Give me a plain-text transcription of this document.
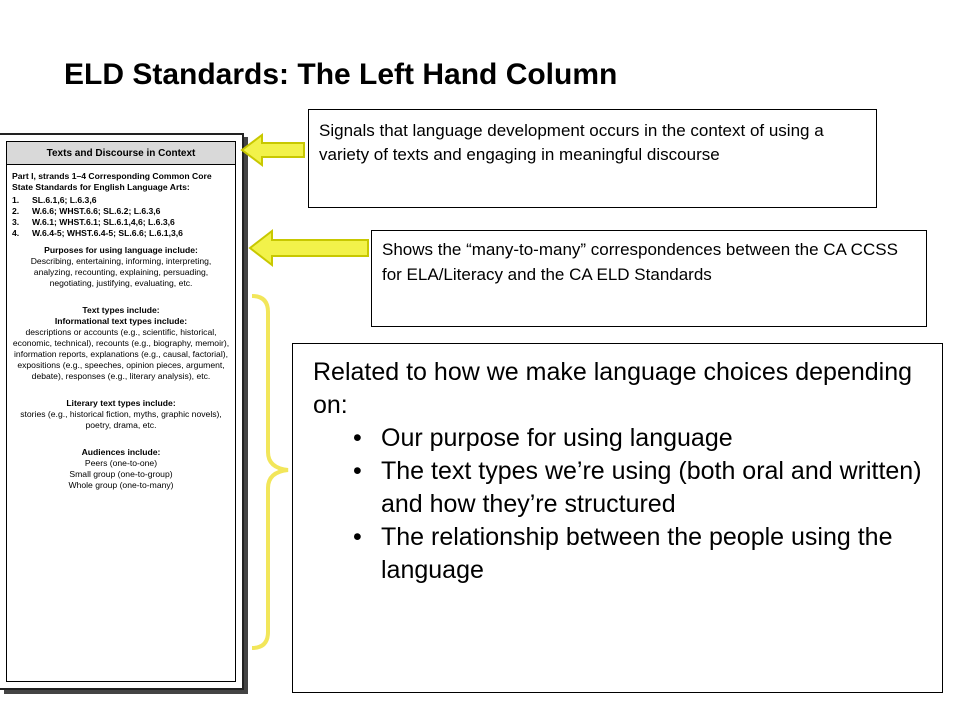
ELD Standards: The Left Hand Column
Texts and Discourse in Context
Part I, strands 1–4 Corresponding Common Core State Standards for English Language Arts:
1.	SL.6.1,6; L.6.3,6
2.	W.6.6; WHST.6.6; SL.6.2; L.6.3,6
3.	W.6.1; WHST.6.1; SL.6.1,4,6; L.6.3,6
4.	W.6.4-5; WHST.6.4-5; SL.6.6; L.6.1,3,6
Purposes for using language include:
Describing, entertaining, informing, interpreting, analyzing, recounting, explaining, persuading, negotiating, justifying, evaluating, etc.
Text types include:
Informational text types include:
descriptions or accounts (e.g., scientific, historical, economic, technical), recounts (e.g., biography, memoir), information reports, explanations (e.g., causal, factorial), expositions (e.g., speeches, opinion pieces, argument, debate), responses (e.g., literary analysis), etc.
Literary text types include:
stories (e.g., historical fiction, myths, graphic novels), poetry, drama, etc.
Audiences include:
Peers (one-to-one)
Small group (one-to-group)
Whole group (one-to-many)
Signals that language development occurs in the context of using a variety of texts and engaging in meaningful discourse
Shows the “many-to-many” correspondences between the CA CCSS for ELA/Literacy and the CA ELD Standards
Related to how we make language choices depending on:
• Our purpose for using language
• The text types we’re using (both oral and written) and how they’re structured
• The relationship between the people using the language
